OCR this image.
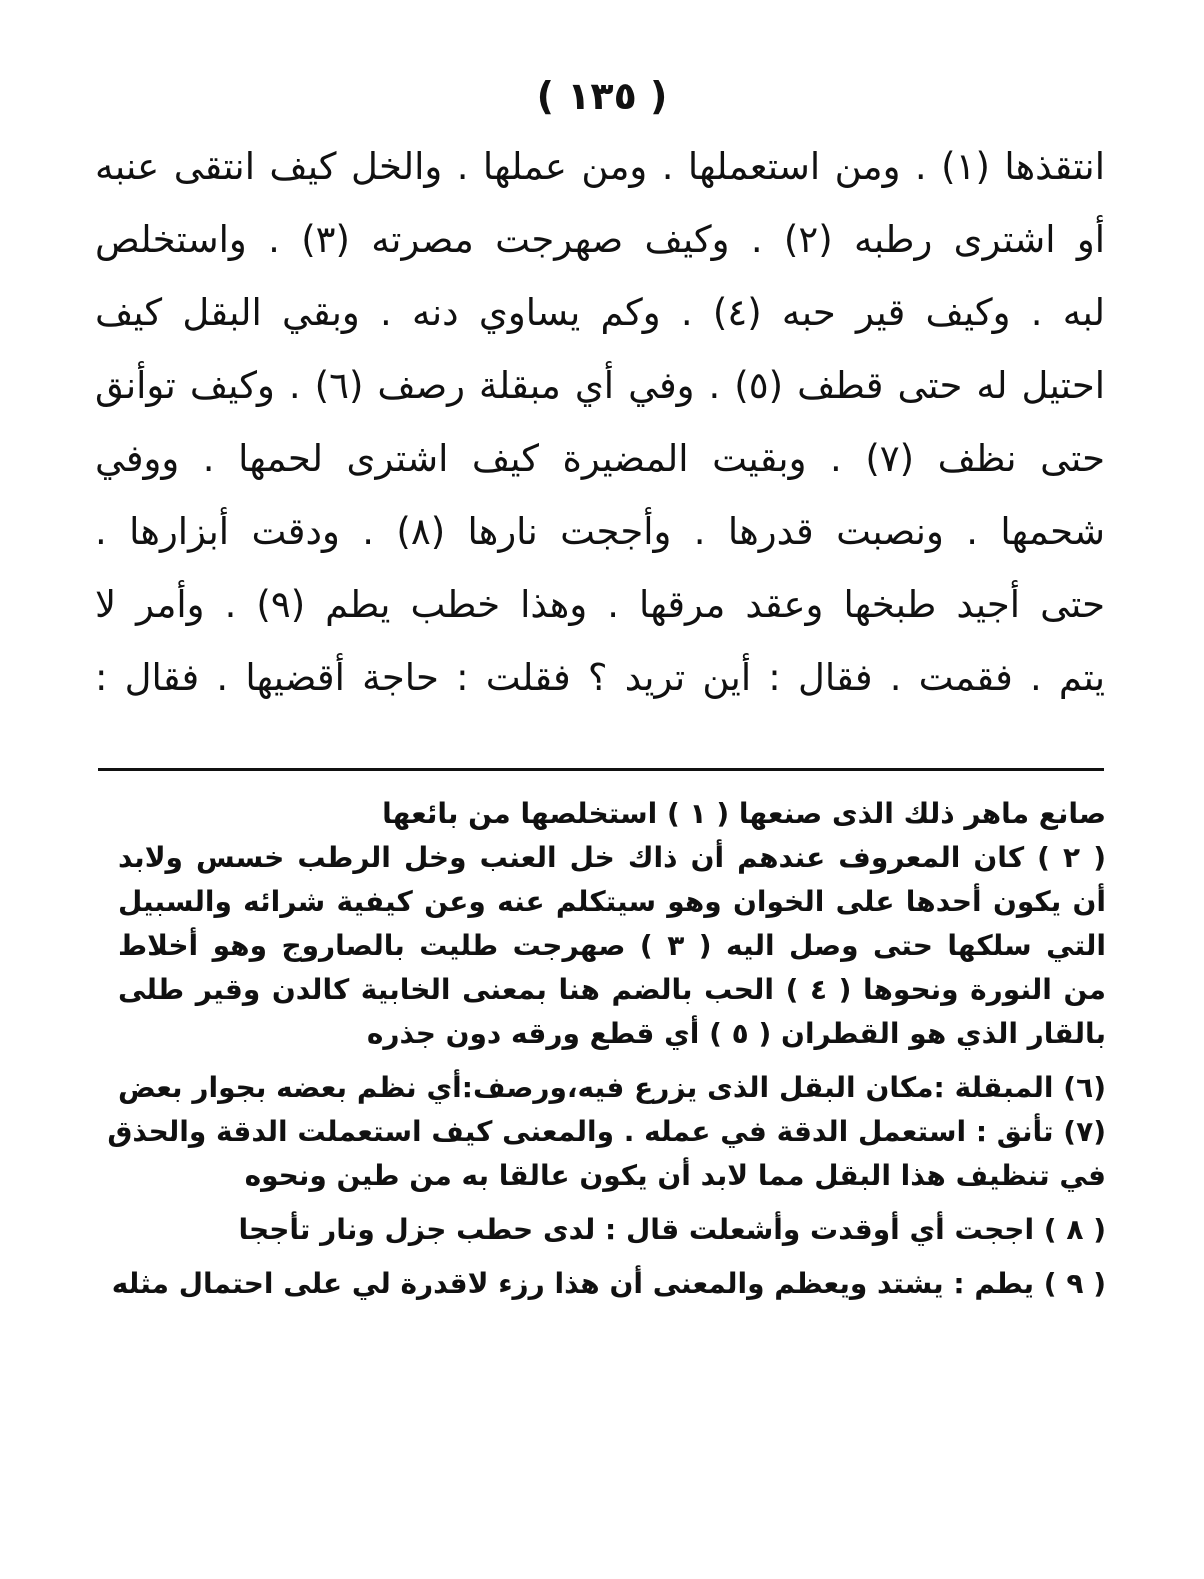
( ١٣٥ )
انتقذها (١) . ومن استعملها . ومن عملها . والخل كيف انتقى عنبه
أو اشترى رطبه (٢) . وكيف صهرجت مصرته (٣) . واستخلص
لبه . وكيف قير حبه (٤) . وكم يساوي دنه . وبقي البقل كيف
احتيل له حتى قطف (٥) . وفي أي مبقلة رصف (٦) . وكيف توأنق
حتى نظف (٧) . وبقيت المضيرة كيف اشترى لحمها . ووفي
شحمها . ونصبت قدرها . وأججت نارها (٨) . ودقت أبزارها .
حتى أجيد طبخها وعقد مرقها . وهذا خطب يطم (٩) . وأمر لا
يتم . فقمت . فقال : أين تريد ؟ فقلت : حاجة أقضيها . فقال :
صانع ماهر ذلك الذى صنعها ( ١ ) استخلصها من بائعها
( ٢ ) كان المعروف عندهم أن ذاك خل العنب وخل الرطب خسس ولابد
أن يكون أحدها على الخوان وهو سيتكلم عنه وعن كيفية شرائه والسبيل
التي سلكها حتى وصل اليه ( ٣ ) صهرجت طليت بالصاروج وهو أخلاط
من النورة ونحوها ( ٤ ) الحب بالضم هنا بمعنى الخابية كالدن وقير طلى
بالقار الذي هو القطران ( ٥ ) أي قطع ورقه دون جذره
(٦) المبقلة :مكان البقل الذى يزرع فيه،ورصف:أي نظم بعضه بجوار بعض
(٧) تأنق : استعمل الدقة في عمله . والمعنى كيف استعملت الدقة والحذق
في تنظيف هذا البقل مما لابد أن يكون عالقا به من طين ونحوه
( ٨ ) اججت أي أوقدت وأشعلت قال : لدى حطب جزل ونار تأججا
( ٩ ) يطم : يشتد ويعظم والمعنى أن هذا رزء لاقدرة لي على احتمال مثله
